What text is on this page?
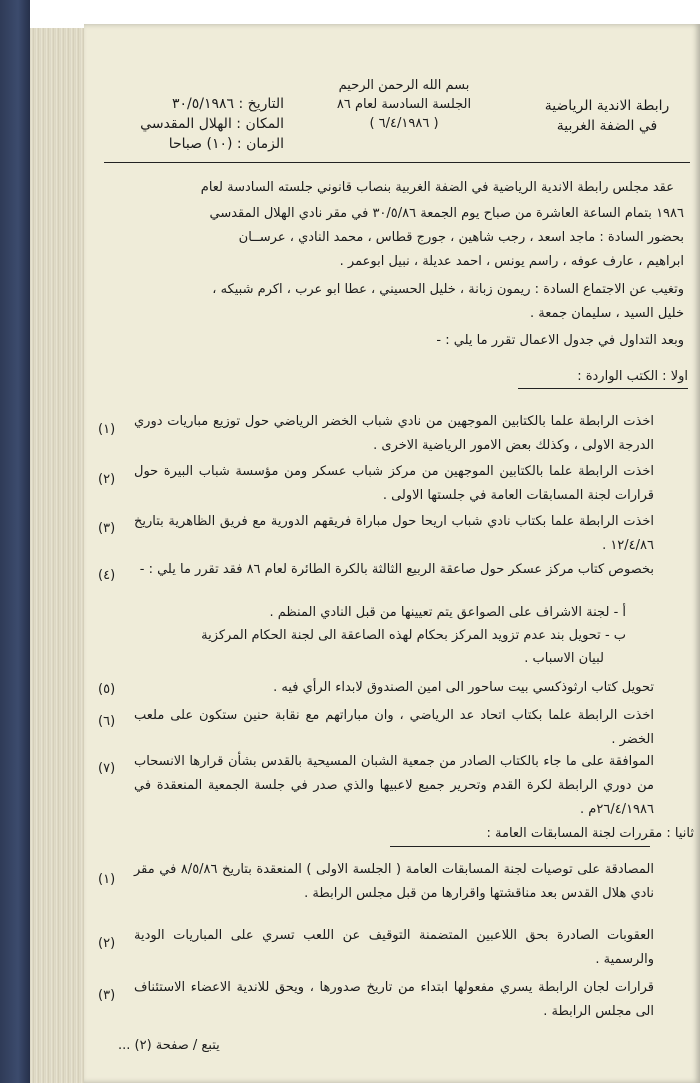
رابطة الاندية الرياضية
في الضفة الغربية
بسم الله الرحمن الرحيم
الجلسة السادسة لعام ٨٦
( ٦/٤/١٩٨٦ )
التاريخ : ٣٠/٥/١٩٨٦
المكان : الهلال المقدسي
الزمان : (١٠) صباحا

عقد مجلس رابطة الاندية الرياضية في الضفة الغربية بنصاب قانوني جلسته السادسة لعام

١٩٨٦ بتمام الساعة العاشرة من صباح يوم الجمعة ٣٠/٥/٨٦ في مقر نادي الهلال المقدسي

بحضور السادة : ماجد اسعد ، رجب شاهين ، جورج قطاس ، محمد النادي ، عرســان

ابراهيم ، عارف عوفه ، راسم يونس ، احمد عديلة ، نبيل ابوعمر .

وتغيب عن الاجتماع السادة : ريمون زبانة ، خليل الحسيني ، عطا ابو عرب ، اكرم شبيكه ،

خليل السيد ، سليمان جمعة .

وبعد التداول في جدول الاعمال تقرر ما يلي : -

اولا : الكتب الواردة :
(١)
اخذت الرابطة علما بالكتابين الموجهين من نادي شباب الخضر الرياضي حول توزيع مباريات دوري الدرجة الاولى ، وكذلك بعض الامور الرياضية الاخرى .
(٢)
اخذت الرابطة علما بالكتابين الموجهين من مركز شباب عسكر ومن مؤسسة شباب البيرة حول قرارات لجنة المسابقات العامة في جلستها الاولى .
(٣) اخذت الرابطة علما بكتاب نادي شباب اريحا حول مباراة فريقهم الدورية مع فريق الظاهرية بتاريخ ١٢/٤/٨٦ .
(٤)	بخصوص كتاب مركز عسكر حول صاعقة الربيع الثالثة بالكرة الطائرة لعام ٨٦ فقد تقرر ما يلي : -
أ - لجنة الاشراف على الصواعق يتم تعيينها من قبل النادي المنظم .
ب - تحويل بند عدم تزويد المركز بحكام لهذه الصاعقة الى لجنة الحكام المركزية
لبيان الاسباب .
(٥)	تحويل كتاب ارثوذكسي بيت ساحور الى امين الصندوق لابداء الرأي فيه .
(٦) اخذت الرابطة علما بكتاب اتحاد عد الرياضي ، وان مباراتهم مع نقابة حنين ستكون على ملعب الخضر .
(٧) الموافقة على ما جاء بالكتاب الصادر من جمعية الشبان المسيحية بالقدس بشأن قرارها الانسحاب من دوري الرابطة لكرة القدم وتحرير جميع لاعبيها والذي صدر في جلسة الجمعية المنعقدة في ٢٦/٤/١٩٨٦م .
ثانيا : مقررات لجنة المسابقات العامة :
(١)
المصادقة على توصيات لجنة المسابقات العامة ( الجلسة الاولى ) المنعقدة بتاريخ ٨/٥/٨٦ في مقر نادي هلال القدس بعد مناقشتها واقرارها من قبل مجلس الرابطة .
(٢)
العقوبات الصادرة بحق اللاعبين المتضمنة التوقيف عن اللعب تسري على المباريات الودية والرسمية .
(٣)
قرارات لجان الرابطة يسري مفعولها ابتداء من تاريخ صدورها ، ويحق للاندية الاعضاء الاستئناف الى مجلس الرابطة .
يتبع / صفحة (٢) ...
